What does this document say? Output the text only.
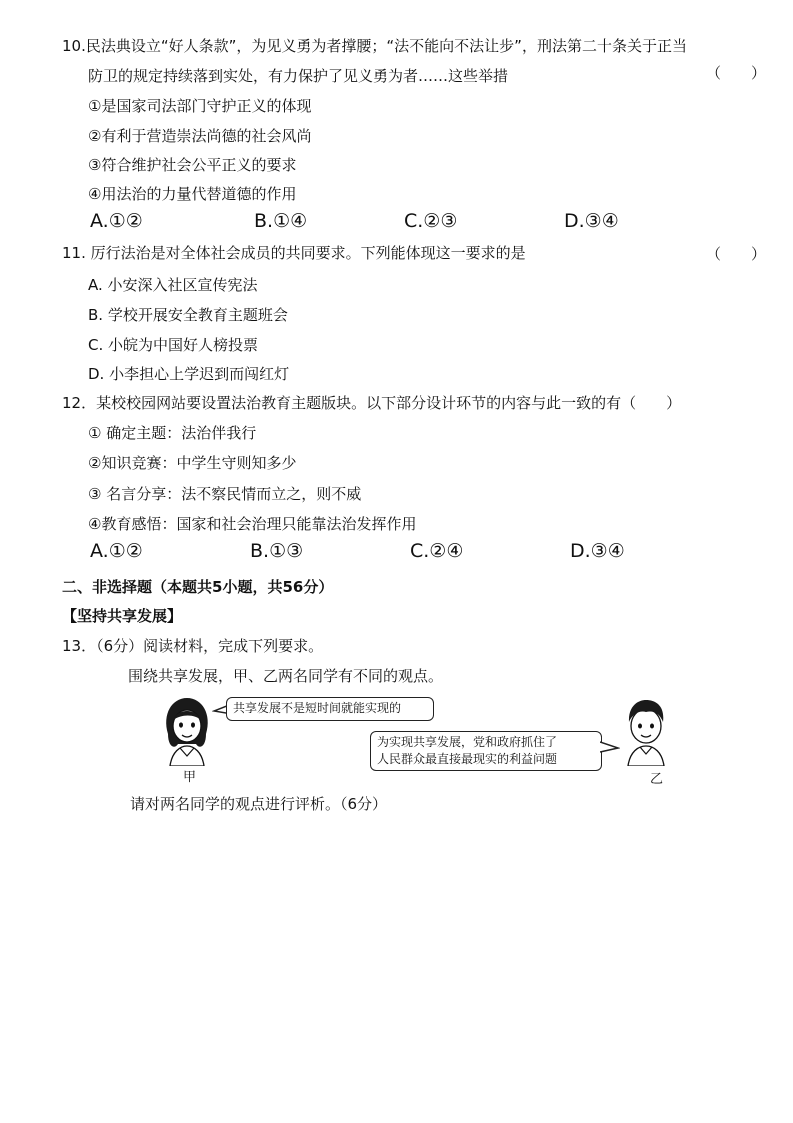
10.民法典设立“好人条款”，为见义勇为者撑腰；“法不能向不法让步”，刑法第二十条关于正当
防卫的规定持续落到实处，有力保护了见义勇为者……这些举措	（　　）
①是国家司法部门守护正义的体现
②有利于营造崇法尚德的社会风尚
③符合维护社会公平正义的要求
④用法治的力量代替道德的作用
A.①②	B.①④	C.②③	D.③④
11. 厉行法治是对全体社会成员的共同要求。下列能体现这一要求的是	（　　）
A. 小安深入社区宣传宪法
B. 学校开展安全教育主题班会
C. 小皖为中国好人榜投票
D. 小李担心上学迟到而闯红灯
12．某校校园网站要设置法治教育主题版块。以下部分设计环节的内容与此一致的有（　　）
① 确定主题：法治伴我行
②知识竞赛：中学生守则知多少
③ 名言分享：法不察民情而立之，则不威
④教育感悟：国家和社会治理只能靠法治发挥作用
A.①②	B.①③	C.②④	D.③④
二、非选择题（本题共5小题，共56分）
【坚持共享发展】
13．（6分）阅读材料，完成下列要求。
围绕共享发展，甲、乙两名同学有不同的观点。
甲
共享发展不是短时间就能实现的
为实现共享发展，党和政府抓住了
人民群众最直接最现实的利益问题
乙
请对两名同学的观点进行评析。（6分）
